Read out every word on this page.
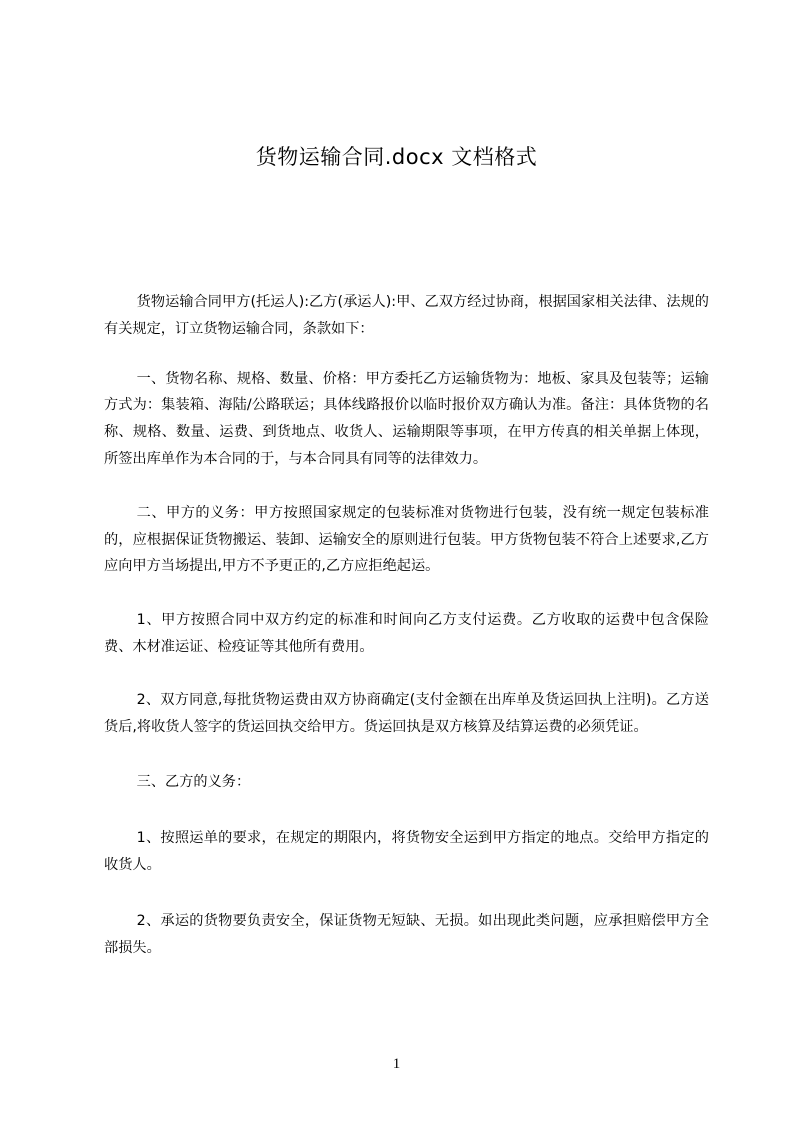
货物运输合同.docx 文档格式

货物运输合同甲方(托运人):乙方(承运人):甲、乙双方经过协商，根据国家相关法律、法规的有关规定，订立货物运输合同，条款如下：

一、货物名称、规格、数量、价格：甲方委托乙方运输货物为：地板、家具及包装等；运输方式为：集装箱、海陆/公路联运；具体线路报价以临时报价双方确认为准。备注：具体货物的名称、规格、数量、运费、到货地点、收货人、运输期限等事项，在甲方传真的相关单据上体现，所签出库单作为本合同的于，与本合同具有同等的法律效力。

二、甲方的义务：甲方按照国家规定的包装标准对货物进行包装，没有统一规定包装标准的，应根据保证货物搬运、装卸、运输安全的原则进行包装。甲方货物包装不符合上述要求,乙方应向甲方当场提出,甲方不予更正的,乙方应拒绝起运。

1、甲方按照合同中双方约定的标准和时间向乙方支付运费。乙方收取的运费中包含保险费、木材准运证、检疫证等其他所有费用。

2、双方同意,每批货物运费由双方协商确定(支付金额在出库单及货运回执上注明)。乙方送货后,将收货人签字的货运回执交给甲方。货运回执是双方核算及结算运费的必须凭证。

三、乙方的义务：

1、按照运单的要求，在规定的期限内，将货物安全运到甲方指定的地点。交给甲方指定的收货人。

2、承运的货物要负责安全，保证货物无短缺、无损。如出现此类问题，应承担赔偿甲方全部损失。

1
